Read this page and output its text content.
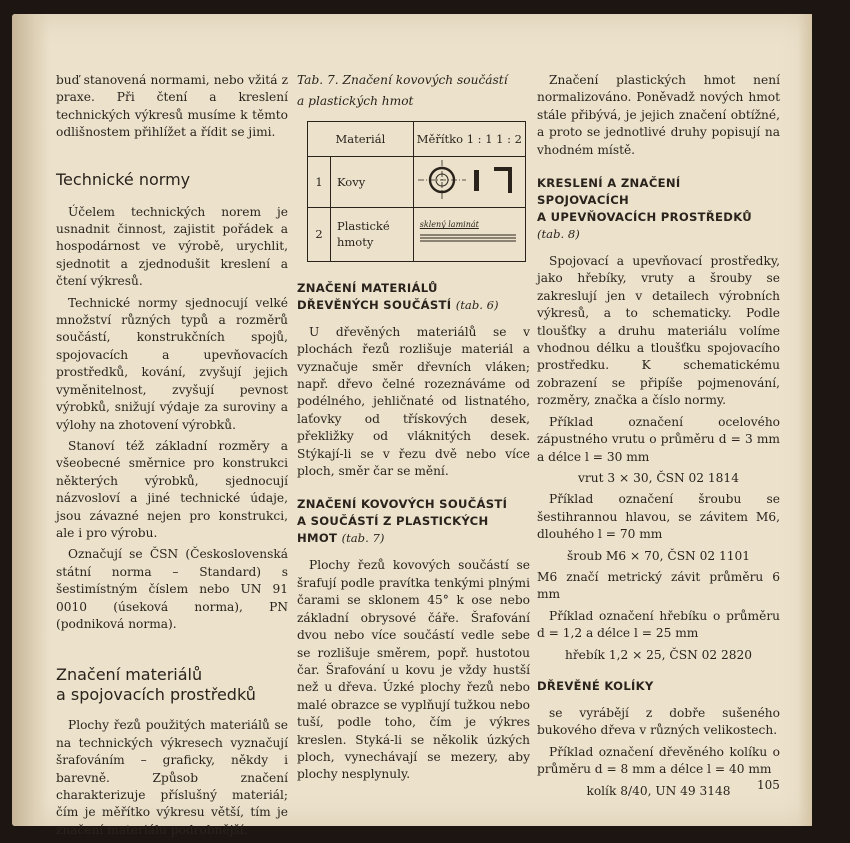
buď stanovená normami, nebo vžitá z praxe. Při čtení a kreslení technických výkresů musíme k těmto odlišnostem přihlížet a řídit se jimi.

Technické normy

Účelem technických norem je usnadnit činnost, zajistit pořádek a hospodárnost ve výrobě, urychlit, sjednotit a zjednodušit kreslení a čtení výkresů.

Technické normy sjednocují velké množství různých typů a rozměrů součástí, konstrukčních spojů, spojovacích a upevňovacích prostředků, kování, zvyšují jejich vyměnitelnost, zvyšují pevnost výrobků, snižují výdaje za suroviny a výlohy na zhotovení výrobků.

Stanoví též základní rozměry a všeobecné směrnice pro konstrukci některých výrobků, sjednocují názvosloví a jiné technické údaje, jsou závazné nejen pro konstrukci, ale i pro výrobu.

Označují se ČSN (Československá státní norma – Standard) s šestimístným číslem nebo UN 91 0010 (úseková norma), PN (podniková norma).

Značení materiálů
a spojovacích prostředků

Plochy řezů použitých materiálů se na technických výkresech vyznačují šrafováním – graficky, někdy i barevně. Způsob značení charakterizuje příslušný materiál; čím je měřítko výkresu větší, tím je značení materiálu podrobnější.

Tab. 7. Značení kovových součástí

a plastických hmot

Materiál		Měřítko 1 : 1 1 : 2
1	Kovy	
2	Plastické hmoty	sklený laminát
ZNAČENÍ MATERIÁLŮ
DŘEVĚNÝCH SOUČÁSTÍ (tab. 6)

U dřevěných materiálů se v plochách řezů rozlišuje materiál a vyznačuje směr dřevních vláken; např. dřevo čelné rozeznáváme od podélného, jehličnaté od listnatého, laťovky od třískových desek, překližky od vláknitých desek. Stýkají-li se v řezu dvě nebo více ploch, směr čar se mění.

ZNAČENÍ KOVOVÝCH SOUČÁSTÍ
A SOUČÁSTÍ Z PLASTICKÝCH
HMOT (tab. 7)

Plochy řezů kovových součástí se šrafují podle pravítka tenkými plnými čarami se sklonem 45° k ose nebo základní obrysové čáře. Šrafování dvou nebo více součástí vedle sebe se rozlišuje směrem, popř. hustotou čar. Šrafování u kovu je vždy hustší než u dřeva. Úzké plochy řezů nebo malé obrazce se vyplňují tužkou nebo tuší, podle toho, čím je výkres kreslen. Styká-li se několik úzkých ploch, vynechávají se mezery, aby plochy nesplynuly.

Značení plastických hmot není normalizováno. Poněvadž nových hmot stále přibývá, je jejich značení obtížné, a proto se jednotlivé druhy popisují na vhodném místě.

KRESLENÍ A ZNAČENÍ
SPOJOVACÍCH
A UPEVŇOVACÍCH PROSTŘEDKŮ
(tab. 8)

Spojovací a upevňovací prostředky, jako hřebíky, vruty a šrouby se zakreslují jen v detailech výrobních výkresů, a to schematicky. Podle tloušťky a druhu materiálu volíme vhodnou délku a tloušťku spojovacího prostředku. K schematickému zobrazení se připíše pojmenování, rozměry, značka a číslo normy.

Příklad označení ocelového zápustného vrutu o průměru d = 3 mm a délce l = 30 mm

vrut 3 × 30, ČSN 02 1814

Příklad označení šroubu se šestihrannou hlavou, se závitem M6, dlouhého l = 70 mm

šroub M6 × 70, ČSN 02 1101

M6 značí metrický závit průměru 6 mm

Příklad označení hřebíku o průměru d = 1,2 a délce l = 25 mm

hřebík 1,2 × 25, ČSN 02 2820

DŘEVĚNÉ KOLÍKY

se vyrábějí z dobře sušeného bukového dřeva v různých velikostech.

Příklad označení dřevěného kolíku o průměru d = 8 mm a délce l = 40 mm

kolík 8/40, UN 49 3148	105
